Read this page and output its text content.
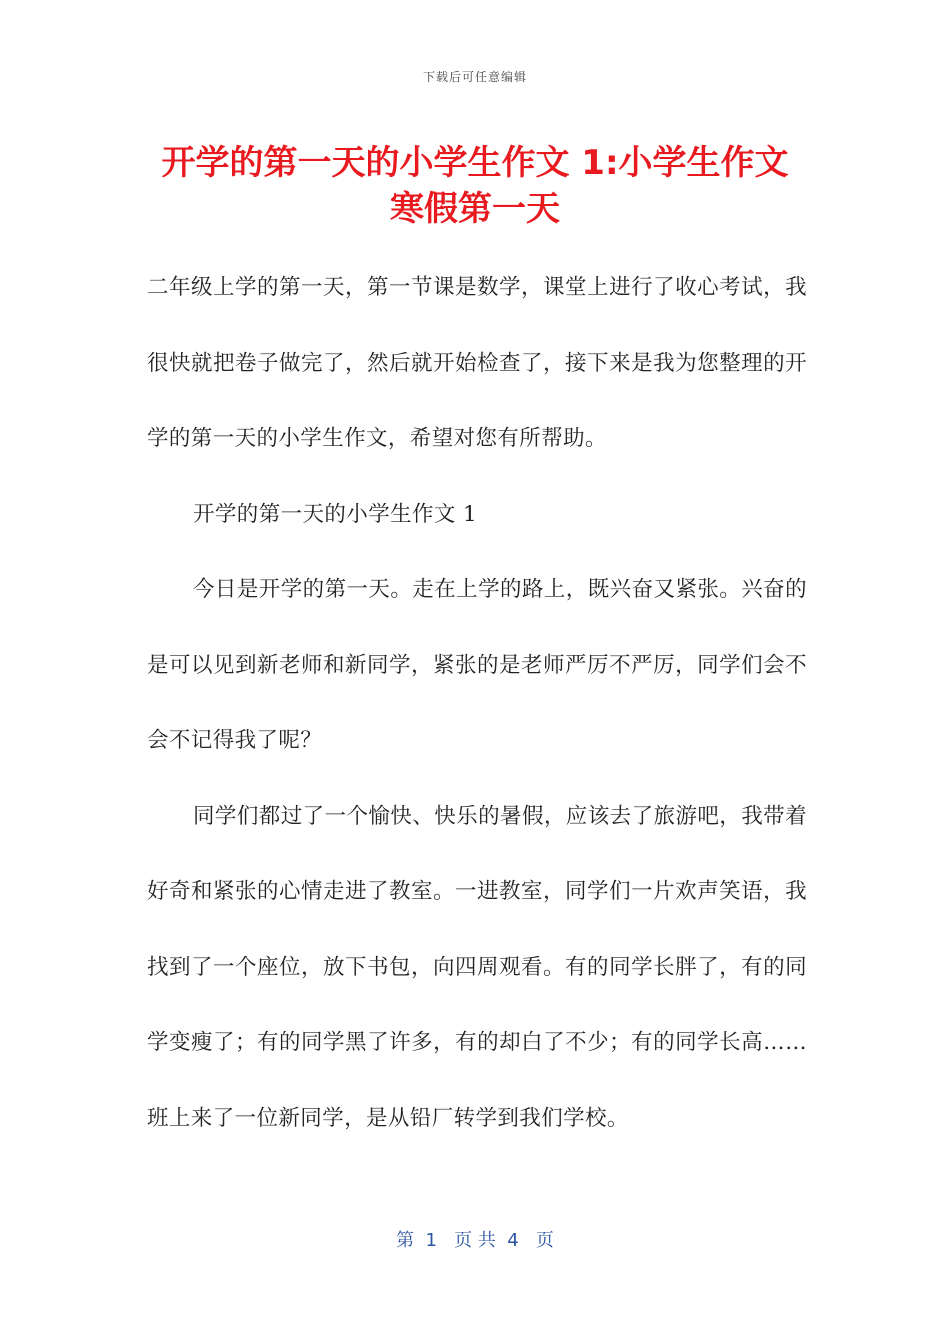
下载后可任意编辑
开学的第一天的小学生作文 1:小学生作文寒假第一天

二年级上学的第一天，第一节课是数学，课堂上进行了收心考试，我很快就把卷子做完了，然后就开始检查了，接下来是我为您整理的开学的第一天的小学生作文，希望对您有所帮助。

开学的第一天的小学生作文 1

今日是开学的第一天。走在上学的路上，既兴奋又紧张。兴奋的是可以见到新老师和新同学，紧张的是老师严厉不严厉，同学们会不会不记得我了呢？

同学们都过了一个愉快、快乐的暑假，应该去了旅游吧，我带着好奇和紧张的心情走进了教室。一进教室，同学们一片欢声笑语，我找到了一个座位，放下书包，向四周观看。有的同学长胖了，有的同学变瘦了；有的同学黑了许多，有的却白了不少；有的同学长高……班上来了一位新同学，是从铅厂转学到我们学校。

第  1   页 共  4   页
